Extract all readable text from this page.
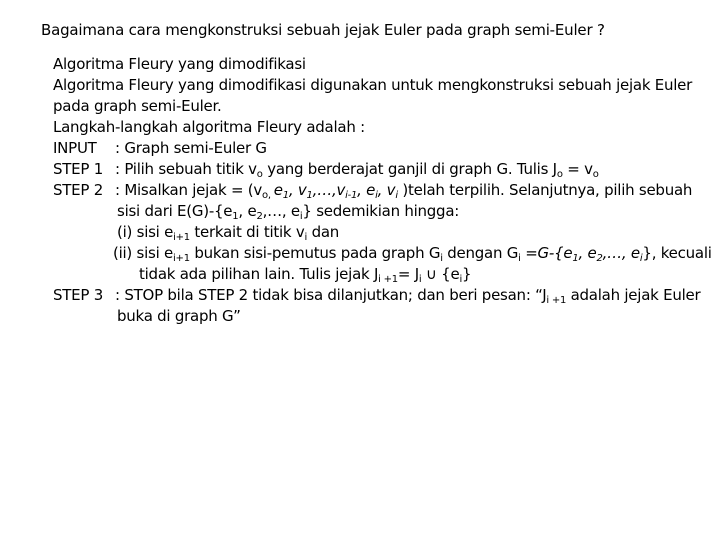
Bagaimana cara mengkonstruksi sebuah jejak Euler pada graph semi-Euler ?
Algoritma Fleury yang dimodifikasi
Algoritma Fleury yang dimodifikasi digunakan untuk mengkonstruksi sebuah jejak Euler
pada graph semi-Euler.
Langkah-langkah algoritma Fleury adalah :
INPUT	: Graph semi-Euler G
STEP 1 : Pilih sebuah titik $v_o$ yang berderajat ganjil di graph G. Tulis $J_o = v_o$
STEP 2 : Misalkan jejak = ($v_{o,}$ $e_1$, $v_1,\dots,v_{i-1}$, $e_i$, $v_i$ )telah terpilih. Selanjutnya, pilih sebuah
sisi dari $E(G)-\{e_1$, $e_2,\dots$, $e_i$} sedemikian hingga:
(i) sisi $e_{i+1}$ terkait di titik $v_i$ dan
(ii) sisi $e_{i+1}$ bukan sisi-pemutus pada graph $G_i$ dengan $G_i =G-\{e_1$, $e_2,\dots$, $e_i$}, kecuali
tidak ada pilihan lain. Tulis jejak $J_{i +1}= J_i$ ∪ $\{e_i\}$
STEP 3 : STOP bila STEP 2 tidak bisa dilanjutkan; dan beri pesan: “$J_{i +1}$ adalah jejak Euler
buka di graph G”
